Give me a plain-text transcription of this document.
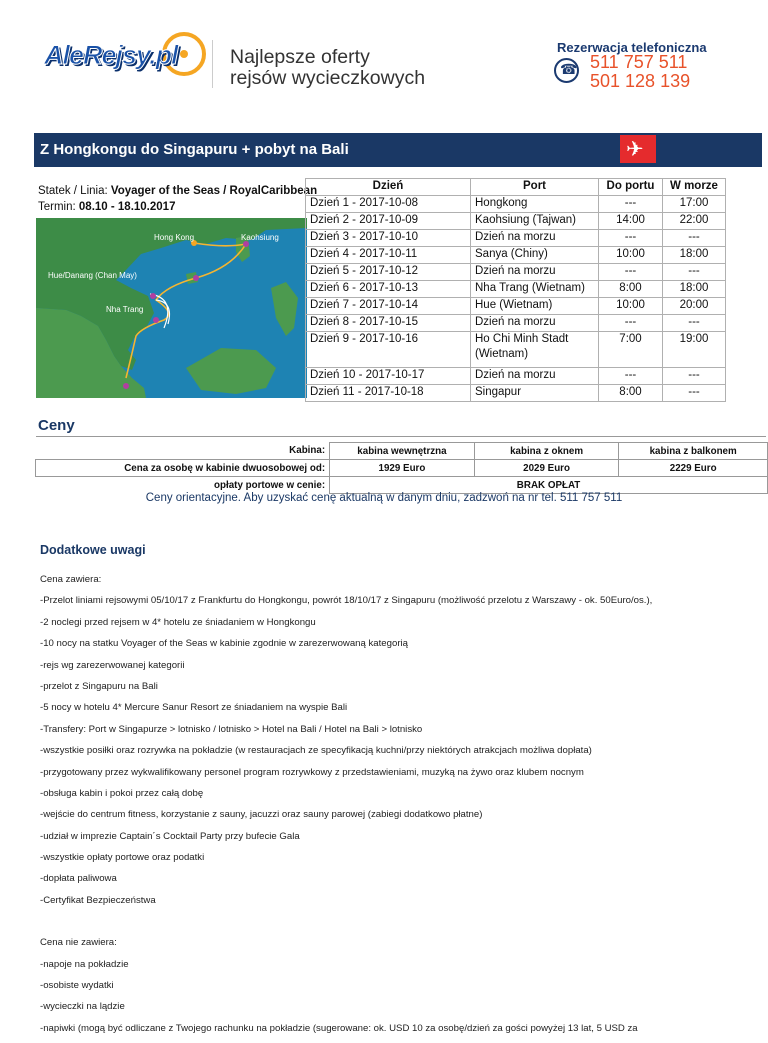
AleRejsy.pl	Najlepsze oferty
rejsów wycieczkowych
Rezerwacja telefoniczna
☎
511 757 511
501 128 139
Z Hongkongu do Singapuru + pobyt na Bali	✈
Statek / Linia: Voyager of the Seas / RoyalCaribbean
Termin: 08.10 - 18.10.2017
Hong Kong	Kaohsiung
Hue/Danang (Chan May)
Nha Trang
Dzień	Port	Do portu	W morze
Dzień 1 - 2017-10-08	Hongkong	---	17:00
Dzień 2 - 2017-10-09	Kaohsiung (Tajwan)	14:00	22:00
Dzień 3 - 2017-10-10	Dzień na morzu	---	---
Dzień 4 - 2017-10-11	Sanya (Chiny)	10:00	18:00
Dzień 5 - 2017-10-12	Dzień na morzu	---	---
Dzień 6 - 2017-10-13	Nha Trang (Wietnam)	8:00	18:00
Dzień 7 - 2017-10-14	Hue (Wietnam)	10:00	20:00
Dzień 8 - 2017-10-15	Dzień na morzu	---	---
Dzień 9 - 2017-10-16	Ho Chi Minh Stadt (Wietnam)	7:00	19:00
Dzień 10 - 2017-10-17	Dzień na morzu	---	---
Dzień 11 - 2017-10-18	Singapur	8:00	---
Ceny
Kabina:	kabina wewnętrzna	kabina z oknem	kabina z balkonem
Cena za osobę w kabinie dwuosobowej od:	1929 Euro	2029 Euro	2229 Euro
opłaty portowe w cenie:	BRAK OPŁAT		
Ceny orientacyjne. Aby uzyskać cenę aktualną w danym dniu, zadzwoń na nr tel. 511 757 511
Dodatkowe uwagi

Cena zawiera:

-Przelot liniami rejsowymi 05/10/17 z Frankfurtu do Hongkongu, powrót 18/10/17 z Singapuru (możliwość przelotu z Warszawy - ok. 50Euro/os.),

-2 noclegi przed rejsem w 4* hotelu ze śniadaniem w Hongkongu

-10 nocy na statku Voyager of the Seas w kabinie zgodnie w zarezerwowaną kategorią

-rejs wg zarezerwowanej kategorii

-przelot z Singapuru na Bali

-5 nocy w hotelu 4* Mercure Sanur Resort ze śniadaniem na wyspie Bali

-Transfery: Port w Singapurze > lotnisko / lotnisko > Hotel na Bali / Hotel na Bali > lotnisko

-wszystkie posiłki oraz rozrywka na pokładzie (w restauracjach ze specyfikacją kuchni/przy niektórych atrakcjach możliwa dopłata)

-przygotowany przez wykwalifikowany personel program rozrywkowy z przedstawieniami, muzyką na żywo oraz klubem nocnym

-obsługa kabin i pokoi przez całą dobę

-wejście do centrum fitness, korzystanie z sauny, jacuzzi oraz sauny parowej (zabiegi dodatkowo płatne)

-udział w imprezie Captain´s Cocktail Party przy bufecie Gala

-wszystkie opłaty portowe oraz podatki

-dopłata paliwowa

-Certyfikat Bezpieczeństwa

Cena nie zawiera:

-napoje na pokładzie

-osobiste wydatki

-wycieczki na lądzie

-napiwki (mogą być odliczane z Twojego rachunku na pokładzie (sugerowane: ok. USD 10 za osobę/dzień za gości powyżej 13 lat, 5 USD za
